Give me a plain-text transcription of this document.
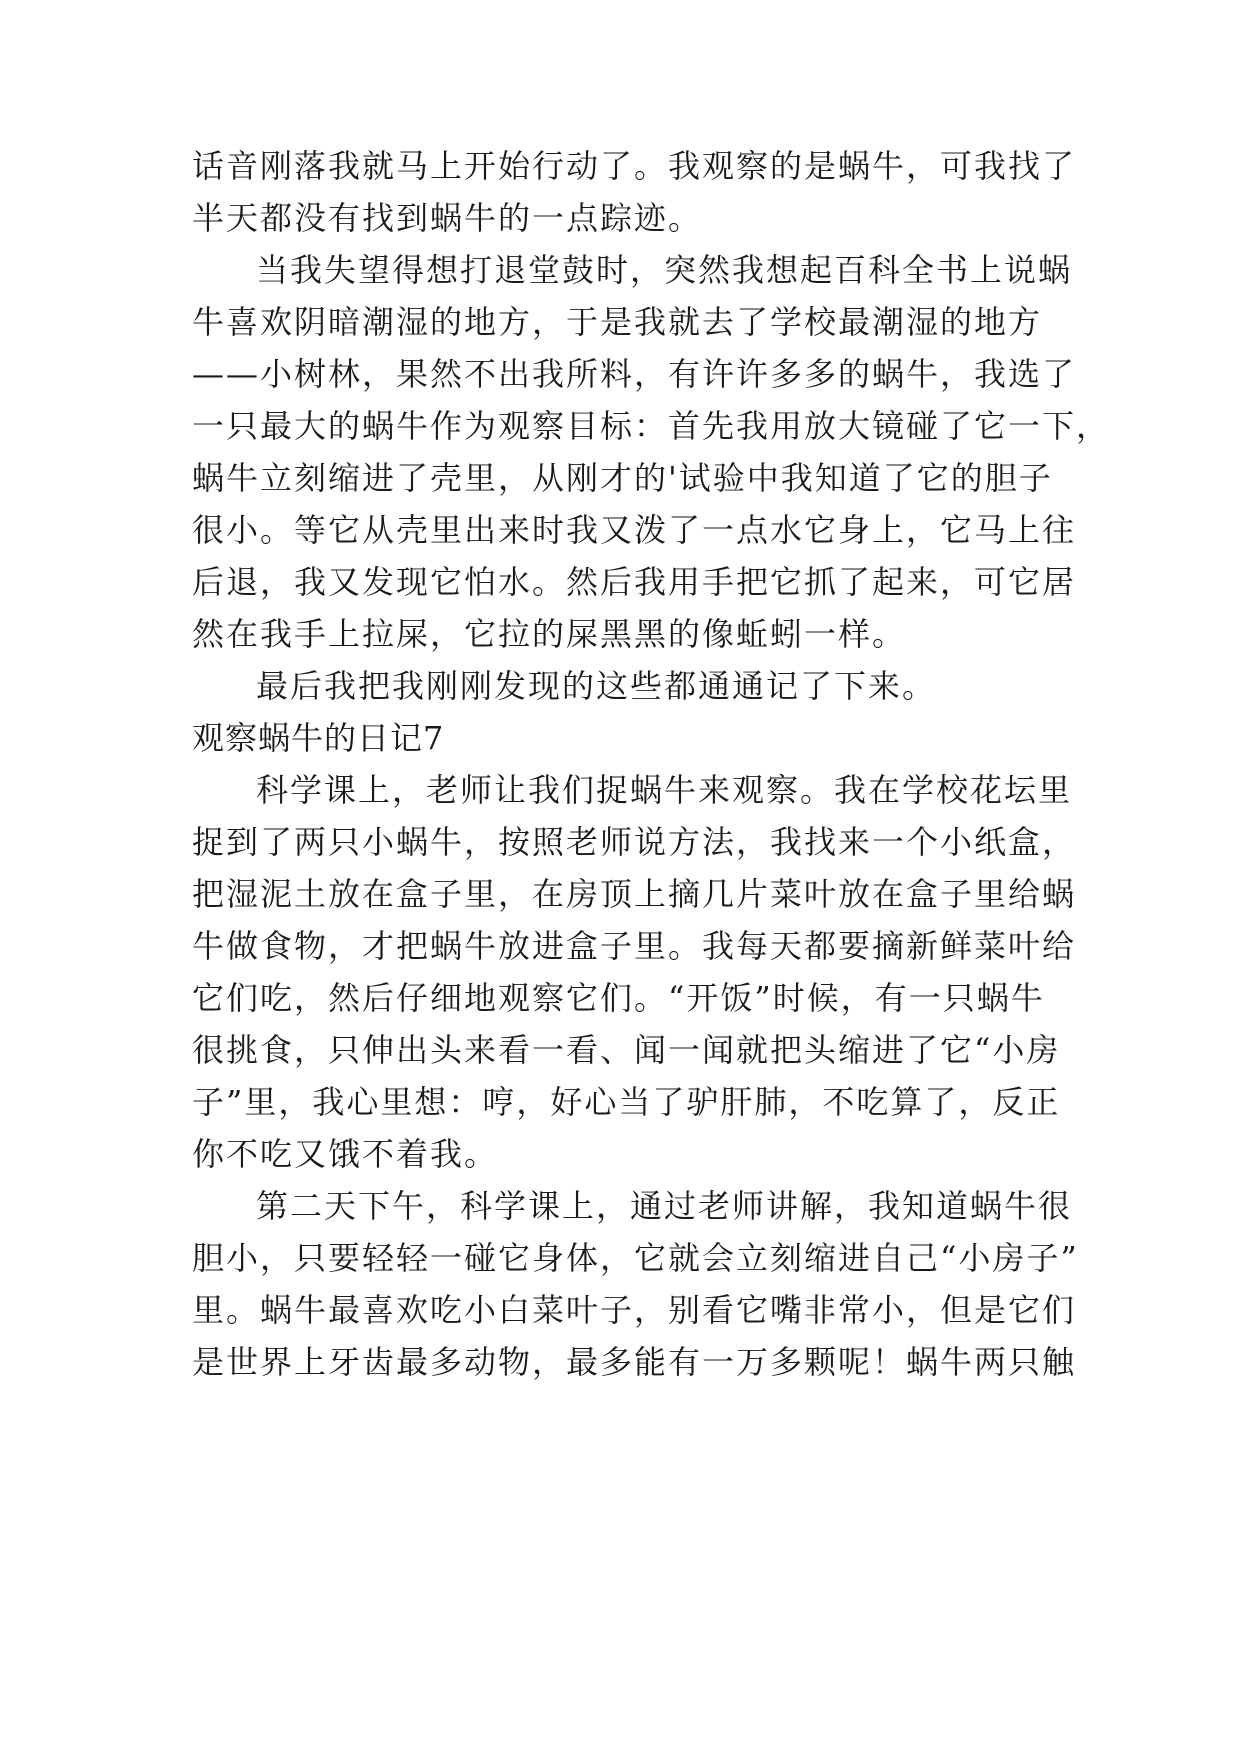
话音刚落我就马上开始行动了。我观察的是蜗牛，可我找了
半天都没有找到蜗牛的一点踪迹。
当我失望得想打退堂鼓时，突然我想起百科全书上说蜗
牛喜欢阴暗潮湿的地方，于是我就去了学校最潮湿的地方
——小树林，果然不出我所料，有许许多多的蜗牛，我选了
一只最大的蜗牛作为观察目标：首先我用放大镜碰了它一下，
蜗牛立刻缩进了壳里，从刚才的'试验中我知道了它的胆子
很小。等它从壳里出来时我又泼了一点水它身上，它马上往
后退，我又发现它怕水。然后我用手把它抓了起来，可它居
然在我手上拉屎，它拉的屎黑黑的像蚯蚓一样。
最后我把我刚刚发现的这些都通通记了下来。
观察蜗牛的日记7
科学课上，老师让我们捉蜗牛来观察。我在学校花坛里
捉到了两只小蜗牛，按照老师说方法，我找来一个小纸盒，
把湿泥土放在盒子里，在房顶上摘几片菜叶放在盒子里给蜗
牛做食物，才把蜗牛放进盒子里。我每天都要摘新鲜菜叶给
它们吃，然后仔细地观察它们。“开饭”时候，有一只蜗牛
很挑食，只伸出头来看一看、闻一闻就把头缩进了它“小房
子”里，我心里想：哼，好心当了驴肝肺，不吃算了，反正
你不吃又饿不着我。
第二天下午，科学课上，通过老师讲解，我知道蜗牛很
胆小，只要轻轻一碰它身体，它就会立刻缩进自己“小房子”
里。蜗牛最喜欢吃小白菜叶子，别看它嘴非常小，但是它们
是世界上牙齿最多动物，最多能有一万多颗呢！蜗牛两只触
